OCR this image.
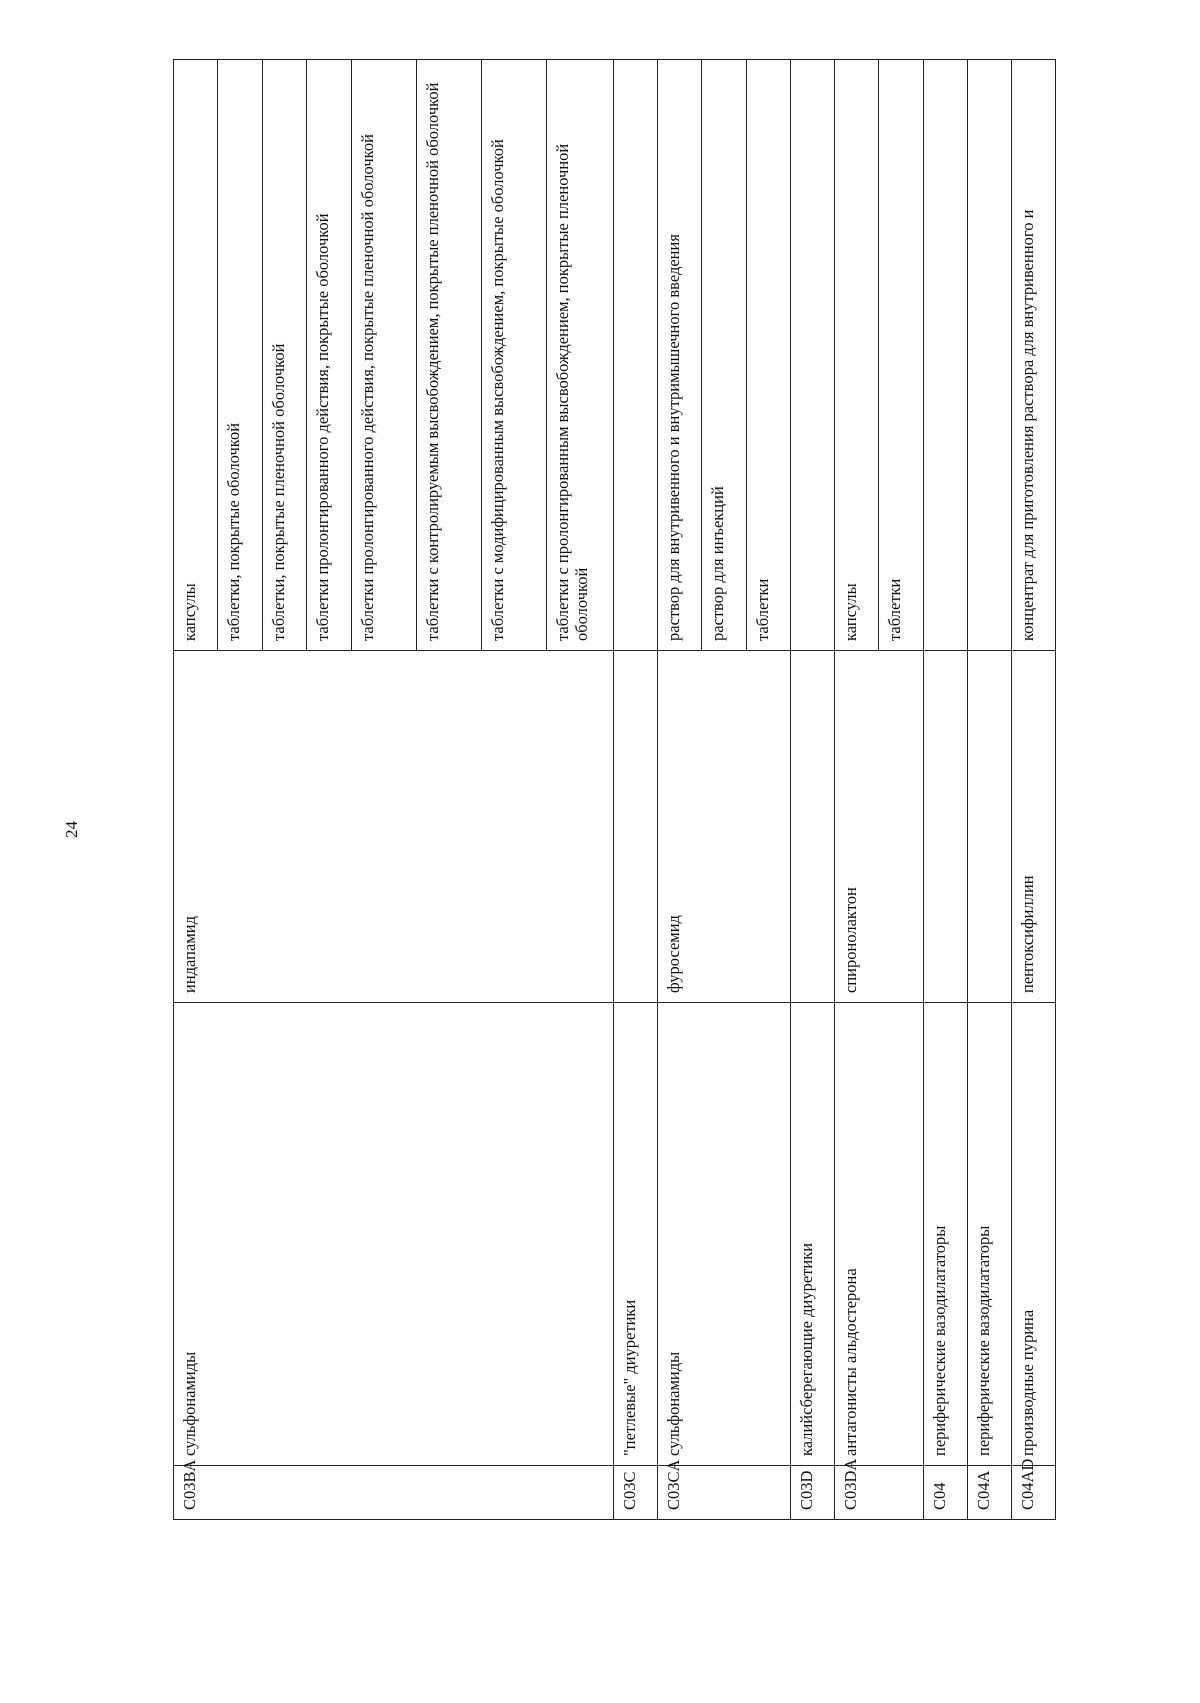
24
C03BA	сульфонамиды	индапамид	капсулы
			таблетки, покрытые оболочкой
			таблетки, покрытые пленочной оболочкой
			таблетки пролонгированного действия, покрытые оболочкой
			таблетки пролонгированного действия, покрытые пленочной оболочкой
			таблетки с контролируемым высвобождением, покрытые пленочной оболочкой
			таблетки с модифицированным высвобождением, покрытые оболочкой
			таблетки с пролонгированным высвобождением, покрытые пленочной оболочкой
C03C	"петлевые" диуретики		
C03CA	сульфонамиды	фуросемид	раствор для внутривенного и внутримышечного введения
			раствор для инъекций
			таблетки
C03D	калийсберегающие диуретики		
C03DA	антагонисты альдостерона	спиронолактон	капсулы
			таблетки
C04	периферические вазодилататоры		
C04A	периферические вазодилататоры		
C04AD	производные пурина	пентоксифиллин	концентрат для приготовления раствора для внутривенного и
